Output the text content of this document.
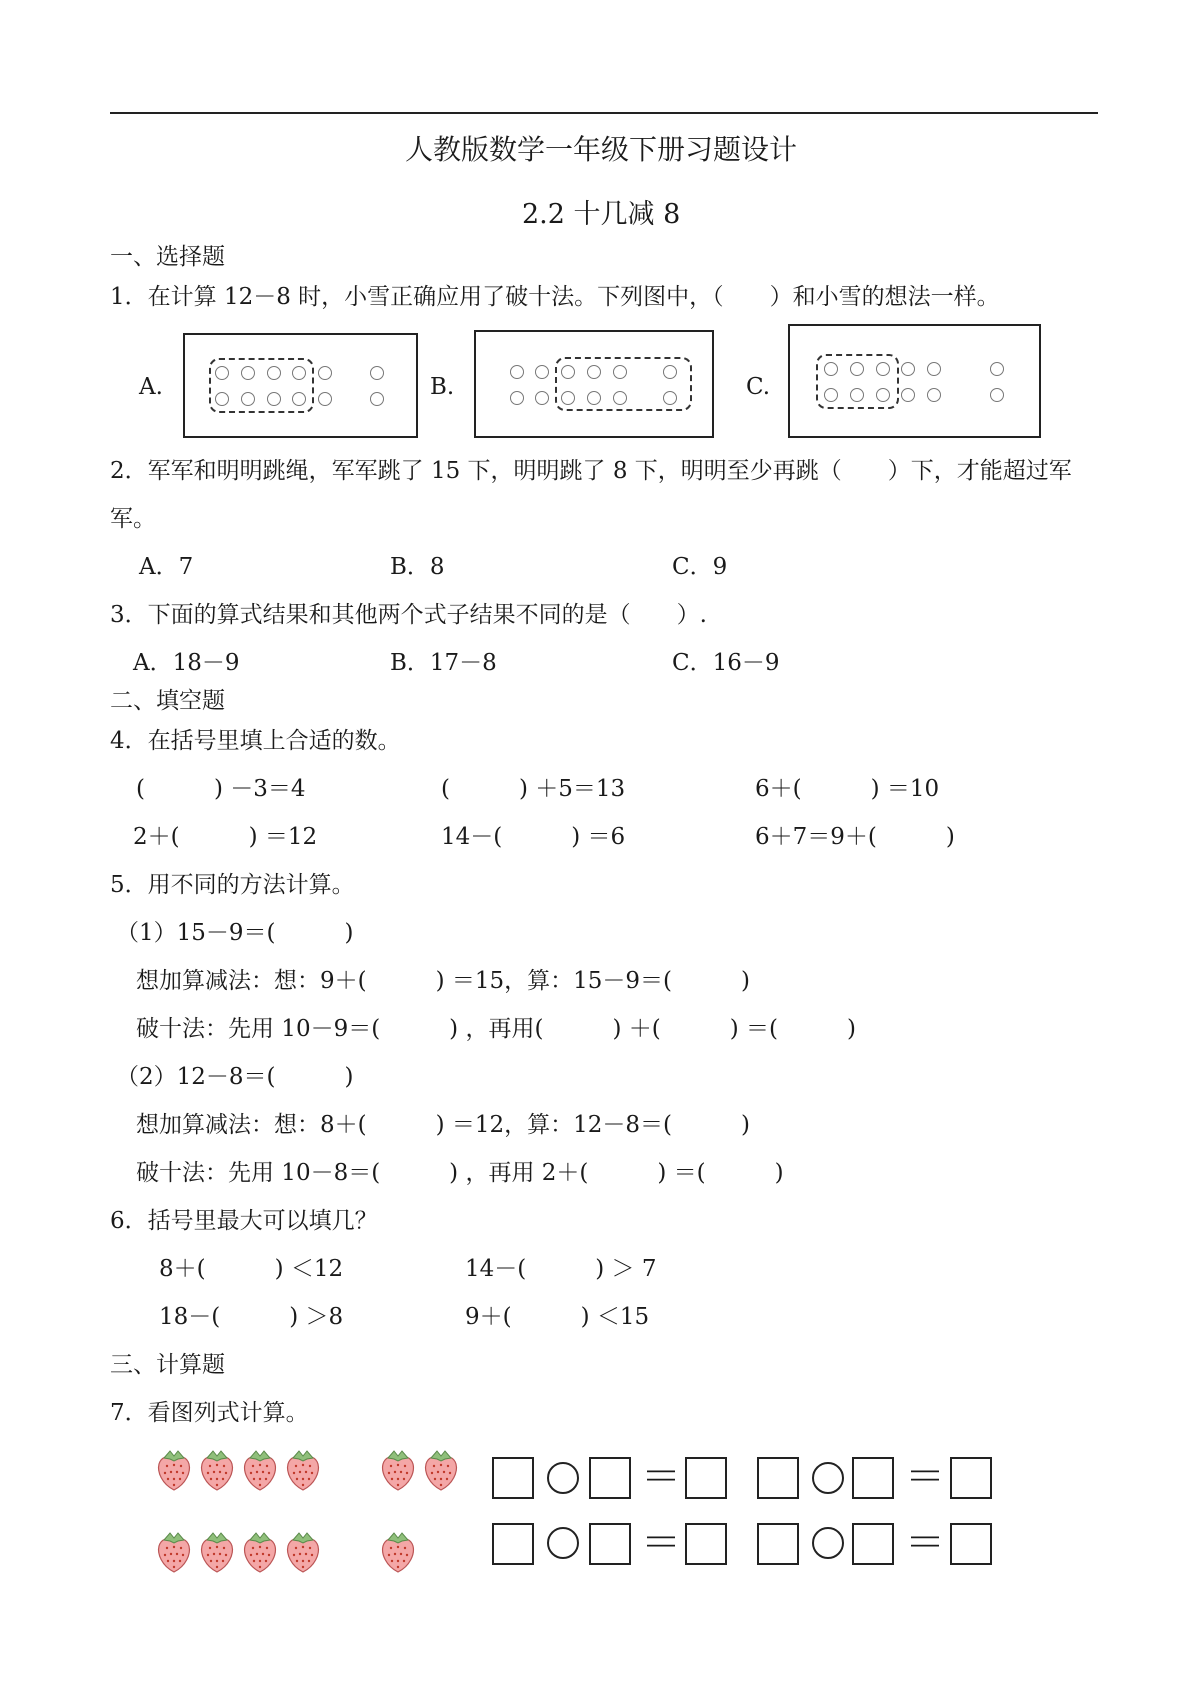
人教版数学一年级下册习题设计
2.2 十几减 8
一、选择题
1．在计算 12－8 时，小雪正确应用了破十法。下列图中，（　　）和小雪的想法一样。
A.	B.	C.
2．军军和明明跳绳，军军跳了 15 下，明明跳了 8 下，明明至少再跳（　　）下，才能超过军
军。
A．7	B．8	C．9
3．下面的算式结果和其他两个式子结果不同的是（　　）.
A．18－9	B．17－8	C．16－9
二、填空题
4．在括号里填上合适的数。
(　　　) －3＝4	(　　　) ＋5＝13	6＋(　　　) ＝10
2＋(　　　) ＝12	14－(　　　) ＝6	6＋7＝9＋(　　　)
5．用不同的方法计算。
（1）15－9＝(　　　)
想加算减法：想：9＋(　　　) ＝15，算：15－9＝(　　　)
破十法：先用 10－9＝(　　　) ，再用(　　　) ＋(　　　) ＝(　　　)
（2）12－8＝(　　　)
想加算减法：想：8＋(　　　) ＝12，算：12－8＝(　　　)
破十法：先用 10－8＝(　　　) ，再用 2＋(　　　) ＝(　　　)
6．括号里最大可以填几？
8＋(　　　) ＜12	14－(　　　) ＞ 7
18－(　　　) ＞8	9＋(　　　) ＜15
三、计算题
7．看图列式计算。
＝	＝
＝	＝
